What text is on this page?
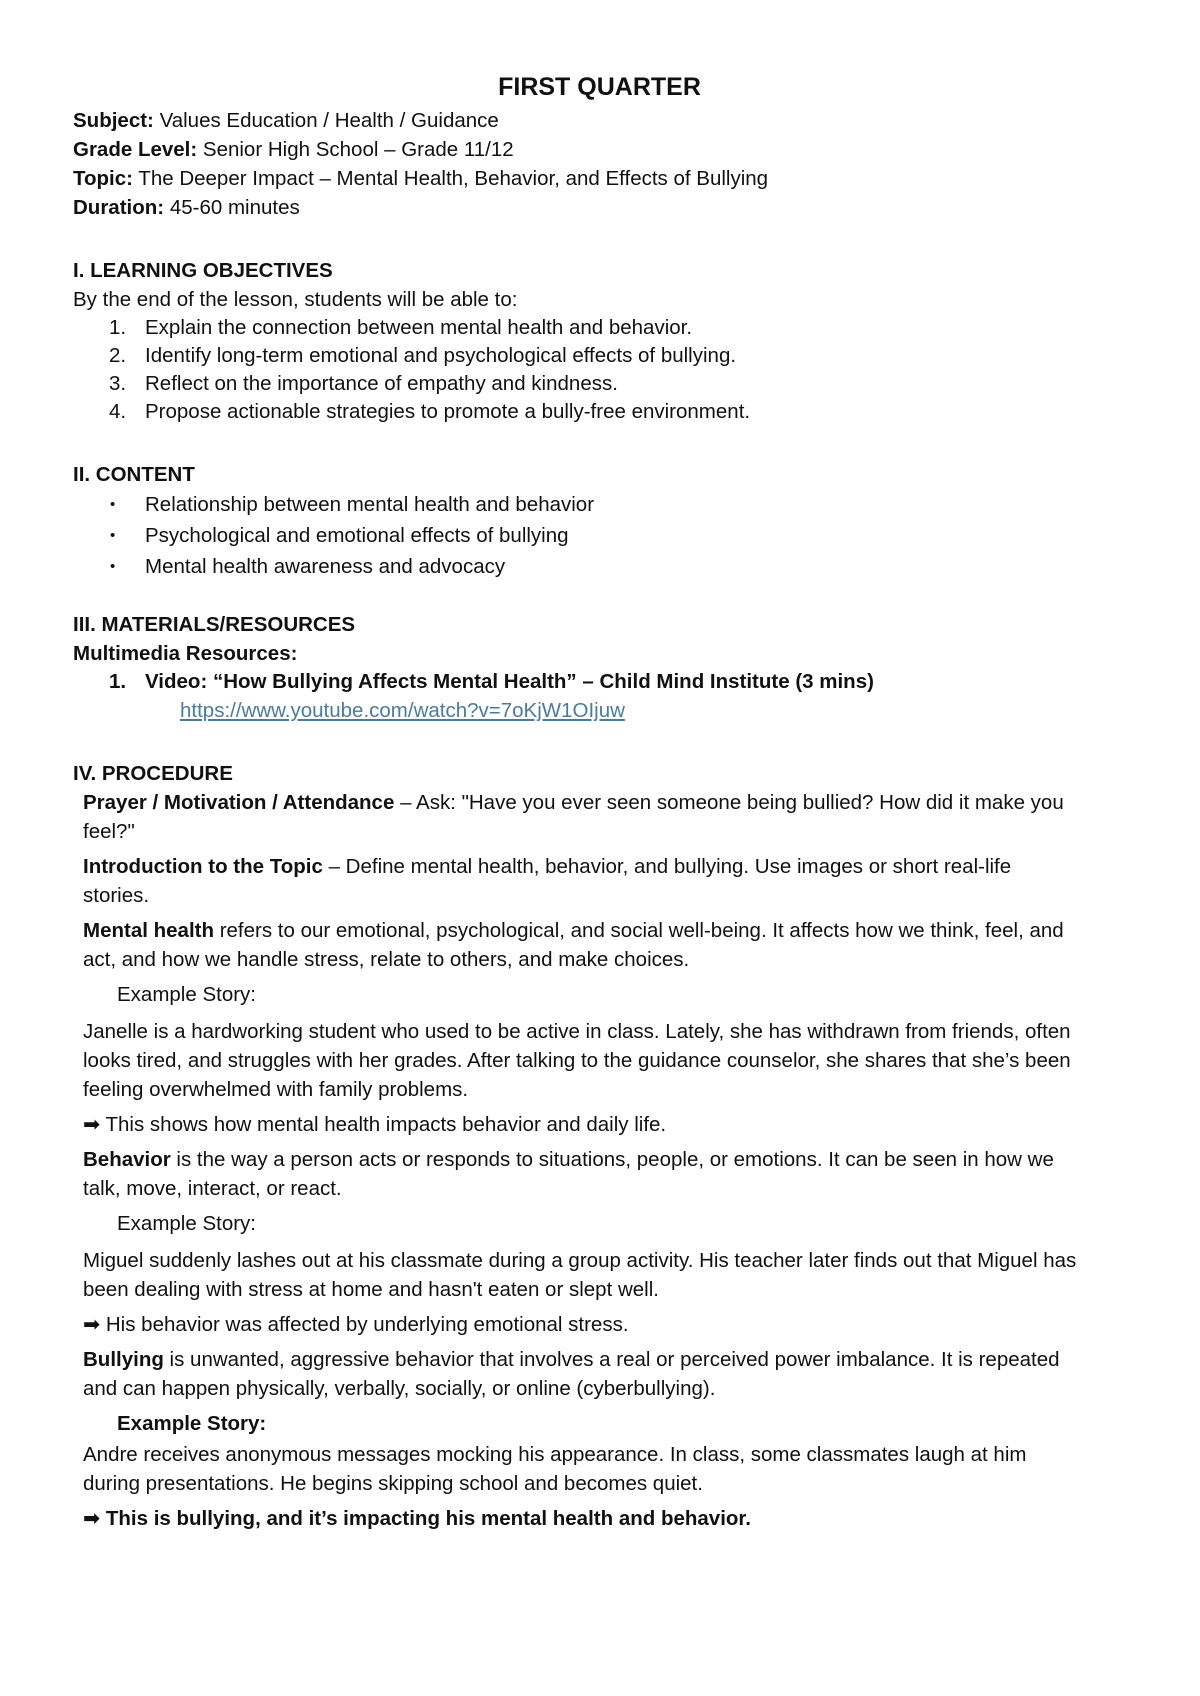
FIRST QUARTER

Subject: Values Education / Health / Guidance

Grade Level: Senior High School – Grade 11/12

Topic: The Deeper Impact – Mental Health, Behavior, and Effects of Bullying

Duration: 45-60 minutes

I. LEARNING OBJECTIVES

By the end of the lesson, students will be able to:

1. Explain the connection between mental health and behavior.
2. Identify long-term emotional and psychological effects of bullying.
3. Reflect on the importance of empathy and kindness.
4. Propose actionable strategies to promote a bully-free environment.

II. CONTENT

• Relationship between mental health and behavior
• Psychological and emotional effects of bullying
• Mental health awareness and advocacy

III. MATERIALS/RESOURCES

Multimedia Resources:

1. Video: “How Bullying Affects Mental Health” – Child Mind Institute (3 mins)

https://www.youtube.com/watch?v=7oKjW1OIjuw

IV. PROCEDURE

Prayer / Motivation / Attendance – Ask: "Have you ever seen someone being bullied? How did it make you feel?"

Introduction to the Topic – Define mental health, behavior, and bullying. Use images or short real-life stories.

Mental health refers to our emotional, psychological, and social well-being. It affects how we think, feel, and act, and how we handle stress, relate to others, and make choices.

Example Story:

Janelle is a hardworking student who used to be active in class. Lately, she has withdrawn from friends, often looks tired, and struggles with her grades. After talking to the guidance counselor, she shares that she’s been feeling overwhelmed with family problems.

➡ This shows how mental health impacts behavior and daily life.

Behavior is the way a person acts or responds to situations, people, or emotions. It can be seen in how we talk, move, interact, or react.

Example Story:

Miguel suddenly lashes out at his classmate during a group activity. His teacher later finds out that Miguel has been dealing with stress at home and hasn't eaten or slept well.

➡ His behavior was affected by underlying emotional stress.

Bullying is unwanted, aggressive behavior that involves a real or perceived power imbalance. It is repeated and can happen physically, verbally, socially, or online (cyberbullying).

Example Story:

Andre receives anonymous messages mocking his appearance. In class, some classmates laugh at him during presentations. He begins skipping school and becomes quiet.

➡ This is bullying, and it’s impacting his mental health and behavior.
